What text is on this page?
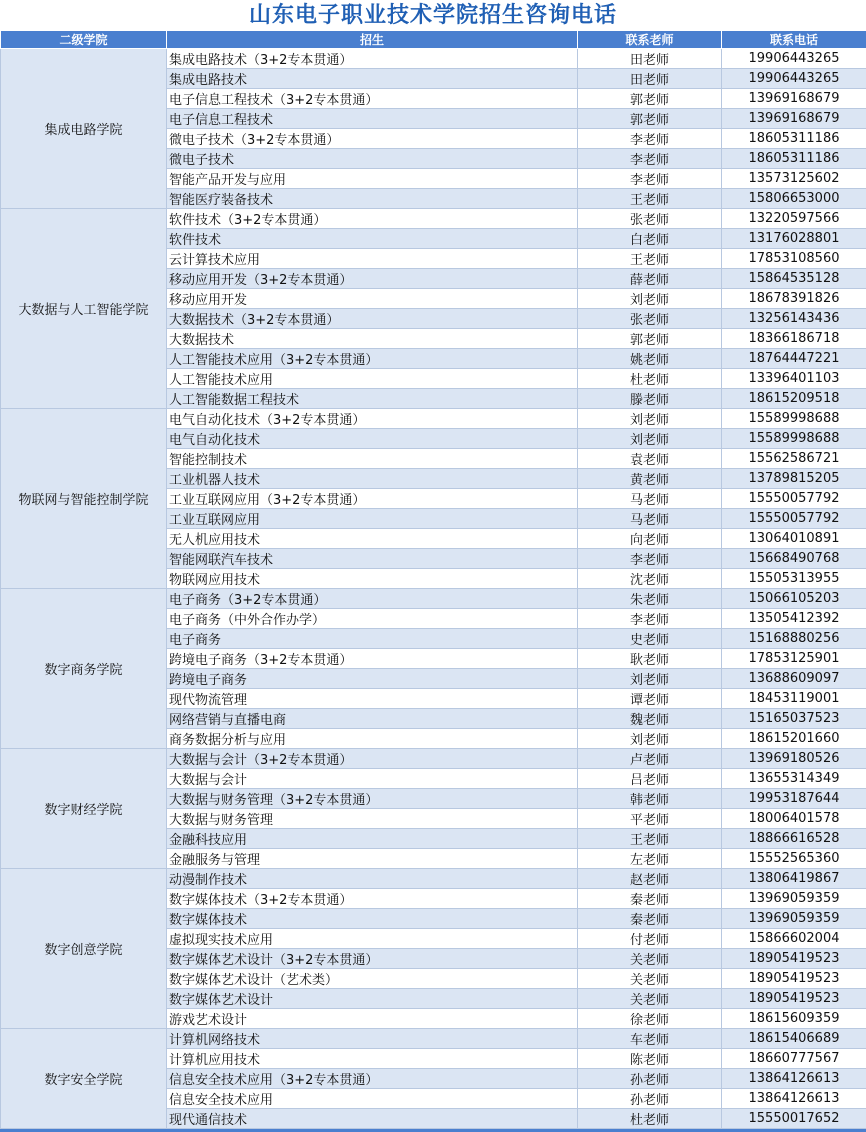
山东电子职业技术学院招生咨询电话
二级学院	招生	联系老师	联系电话
集成电路学院	集成电路技术（3+2专本贯通）	田老师	19906443265
	集成电路技术	田老师	19906443265
	电子信息工程技术（3+2专本贯通）	郭老师	13969168679
	电子信息工程技术	郭老师	13969168679
	微电子技术（3+2专本贯通）	李老师	18605311186
	微电子技术	李老师	18605311186
	智能产品开发与应用	李老师	13573125602
	智能医疗装备技术	王老师	15806653000
大数据与人工智能学院	软件技术（3+2专本贯通）	张老师	13220597566
	软件技术	白老师	13176028801
	云计算技术应用	王老师	17853108560
	移动应用开发（3+2专本贯通）	薛老师	15864535128
	移动应用开发	刘老师	18678391826
	大数据技术（3+2专本贯通）	张老师	13256143436
	大数据技术	郭老师	18366186718
	人工智能技术应用（3+2专本贯通）	姚老师	18764447221
	人工智能技术应用	杜老师	13396401103
	人工智能数据工程技术	滕老师	18615209518
物联网与智能控制学院	电气自动化技术（3+2专本贯通）	刘老师	15589998688
	电气自动化技术	刘老师	15589998688
	智能控制技术	袁老师	15562586721
	工业机器人技术	黄老师	13789815205
	工业互联网应用（3+2专本贯通）	马老师	15550057792
	工业互联网应用	马老师	15550057792
	无人机应用技术	向老师	13064010891
	智能网联汽车技术	李老师	15668490768
	物联网应用技术	沈老师	15505313955
数字商务学院	电子商务（3+2专本贯通）	朱老师	15066105203
	电子商务（中外合作办学）	李老师	13505412392
	电子商务	史老师	15168880256
	跨境电子商务（3+2专本贯通）	耿老师	17853125901
	跨境电子商务	刘老师	13688609097
	现代物流管理	谭老师	18453119001
	网络营销与直播电商	魏老师	15165037523
	商务数据分析与应用	刘老师	18615201660
数字财经学院	大数据与会计（3+2专本贯通）	卢老师	13969180526
	大数据与会计	吕老师	13655314349
	大数据与财务管理（3+2专本贯通）	韩老师	19953187644
	大数据与财务管理	平老师	18006401578
	金融科技应用	王老师	18866616528
	金融服务与管理	左老师	15552565360
数字创意学院	动漫制作技术	赵老师	13806419867
	数字媒体技术（3+2专本贯通）	秦老师	13969059359
	数字媒体技术	秦老师	13969059359
	虚拟现实技术应用	付老师	15866602004
	数字媒体艺术设计（3+2专本贯通）	关老师	18905419523
	数字媒体艺术设计（艺术类）	关老师	18905419523
	数字媒体艺术设计	关老师	18905419523
	游戏艺术设计	徐老师	18615609359
数字安全学院	计算机网络技术	车老师	18615406689
	计算机应用技术	陈老师	18660777567
	信息安全技术应用（3+2专本贯通）	孙老师	13864126613
	信息安全技术应用	孙老师	13864126613
	现代通信技术	杜老师	15550017652
